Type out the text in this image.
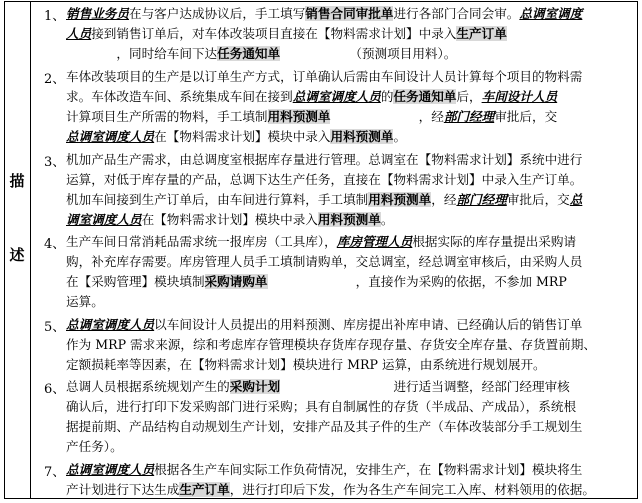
描
述
1、 销售业务员在与客户达成协议后，手工填写销售合同审批单进行各部门合同会审。总调室调度
人员接到销售订单后，对车体改装项目直接在【物料需求计划】中录入生产订单
　　　　，同时给车间下达任务通知单　　　　　　（预测项目用料）。
2、 车体改装项目的生产是以订单生产方式，订单确认后需由车间设计人员计算每个项目的物料需
求。车体改造车间、系统集成车间在接到总调室调度人员的任务通知单后，车间设计人员
计算项目生产所需的物料，手工填制用料预测单　　　　　　　，经部门经理审批后，交
总调室调度人员在【物料需求计划】模块中录入用料预测单。
3、 机加产品生产需求，由总调度室根据库存量进行管理。总调室在【物料需求计划】系统中进行
运算，对低于库存量的产品，总调下达生产任务，直接在【物料需求计划】中录入生产订单。
机加车间接到生产订单后，由车间进行算料，手工填制用料预测单，经部门经理审批后，交总
调室调度人员在【物料需求计划】模块中录入用料预测单。
4、 生产车间日常消耗品需求统一报库房（工具库），库房管理人员根据实际的库存量提出采购请
购，补充库存需要。库房管理人员手工填制请购单，交总调室，经总调室审核后，由采购人员
在【采购管理】模块填制采购请购单　　　　　　　，直接作为采购的依据，不参加 MRP
运算。
5、 总调室调度人员以车间设计人员提出的用料预测、库房提出补库申请、已经确认后的销售订单
作为 MRP 需求来源，综和考虑库存管理模块存货库存现存量、存货安全库存量、存货置前期、
定额损耗率等因素，在【物料需求计划】模块进行 MRP 运算，由系统进行规划展开。
6、 总调人员根据系统规划产生的采购计划　　　　　　　　　进行适当调整，经部门经理审核
确认后，进行打印下发采购部门进行采购；具有自制属性的存货（半成品、产成品），系统根
据提前期、产品结构自动规划生产计划，安排产品及其子件的生产（车体改装部分手工规划生
产任务）。
7、 总调室调度人员根据各生产车间实际工作负荷情况，安排生产，在【物料需求计划】模块将生
产计划进行下达生成生产订单，进行打印后下发，作为各生产车间完工入库、材料领用的依据。
